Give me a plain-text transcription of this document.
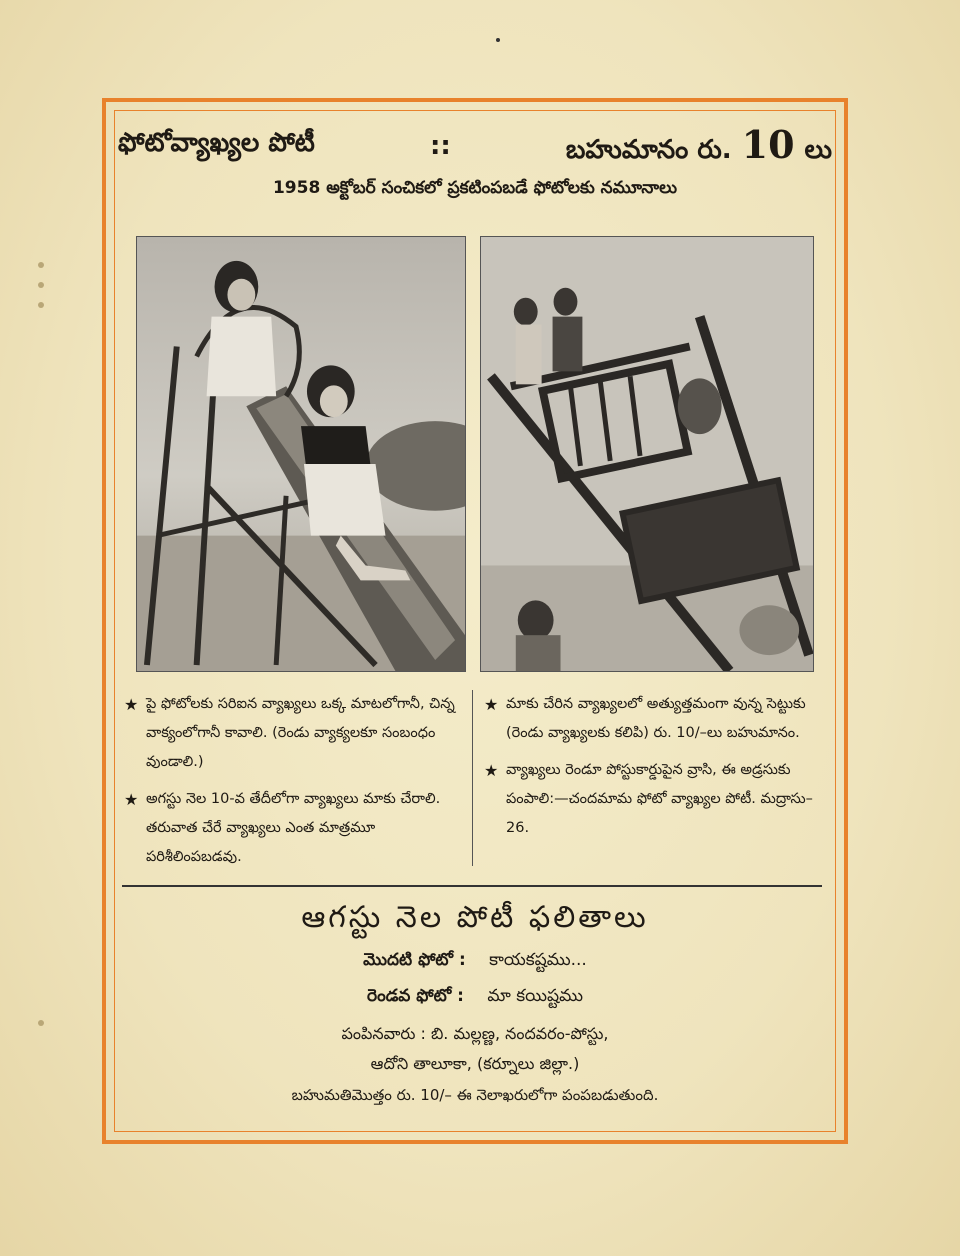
ఫోటోవ్యాఖ్యల పోటీ	::	బహుమానం రు. 10 లు
1958 అక్టోబర్ సంచికలో ప్రకటింపబడే ఫోటోలకు నమూనాలు
★ పై ఫోటోలకు సరిఐన వ్యాఖ్యలు ఒక్క మాటలోగానీ, చిన్న వాక్యంలోగానీ కావాలి. (రెండు వ్యాక్యలకూ సంబంధం వుండాలి.)
★ అగస్టు నెల 10-వ తేదీలోగా వ్యాఖ్యలు మాకు చేరాలి. తరువాత చేరే వ్యాఖ్యలు ఎంత మాత్రమూ పరిశీలింపబడవు.
★ మాకు చేరిన వ్యాఖ్యలలో అత్యుత్తమంగా వున్న సెట్టుకు (రెండు వ్యాఖ్యలకు కలిపి) రు. 10/–లు బహుమానం.
★ వ్యాఖ్యలు రెండూ పోస్టుకార్డుపైన వ్రాసి, ఈ అడ్రసుకు పంపాలి:—చందమామ ఫోటో వ్యాఖ్యల పోటీ. మద్రాసు–26.
ఆగస్టు నెల పోటీ ఫలితాలు
మొదటి ఫోటో : కాయకష్టము...
రెండవ ఫోటో : మా కయిష్టము
పంపినవారు : బి. మల్లణ్ణ, నందవరం-పోస్టు,
ఆదోని తాలూకా, (కర్నూలు జిల్లా.)
బహుమతిమొత్తం రు. 10/– ఈ నెలాఖరులోగా పంపబడుతుంది.
